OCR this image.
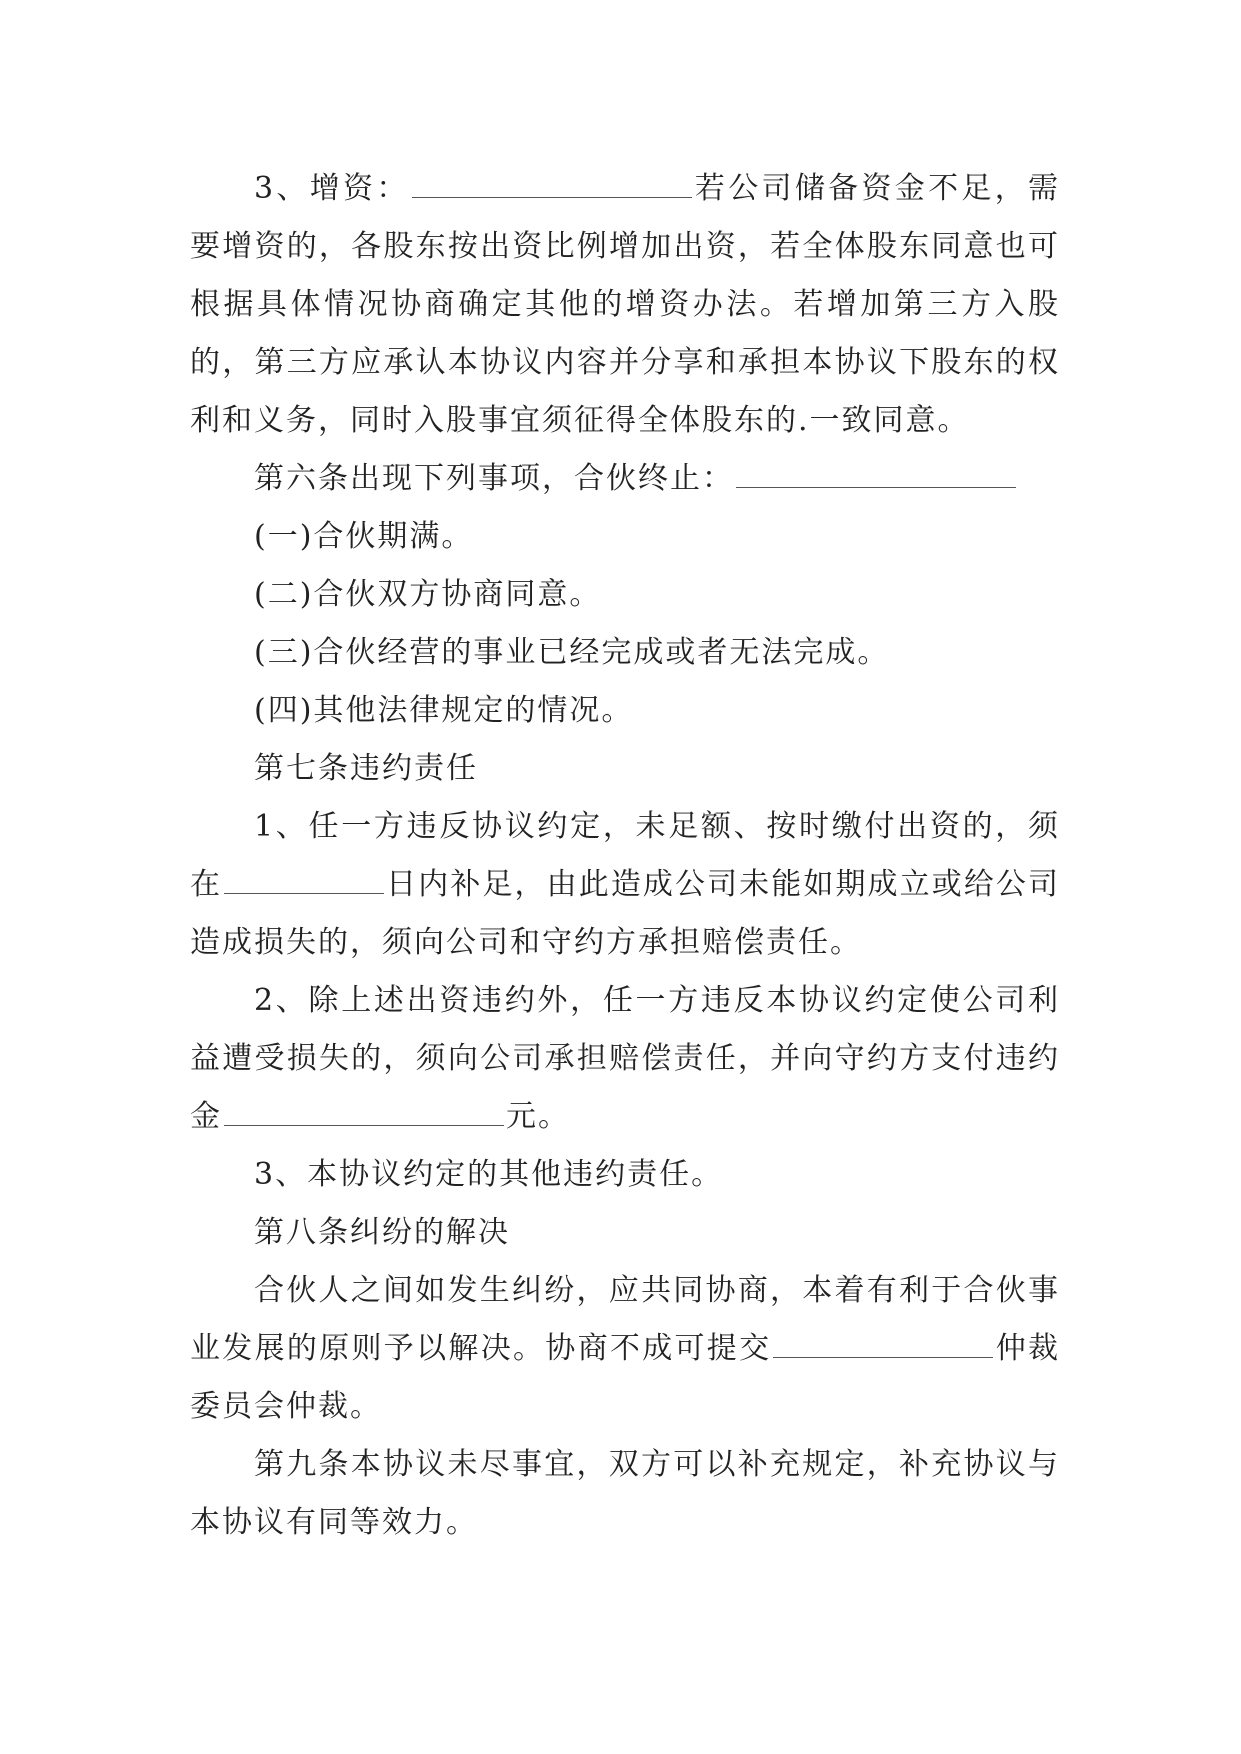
3、增资：	若公司储备资金不足，需要增资的，各股东按出资比例增加出资，若全体股东同意也可根据具体情况协商确定其他的增资办法。若增加第三方入股的，第三方应承认本协议内容并分享和承担本协议下股东的权利和义务，同时入股事宜须征得全体股东的.一致同意。

第六条出现下列事项，合伙终止：

(一)合伙期满。

(二)合伙双方协商同意。

(三)合伙经营的事业已经完成或者无法完成。

(四)其他法律规定的情况。

第七条违约责任

1、任一方违反协议约定，未足额、按时缴付出资的，须在	日内补足，由此造成公司未能如期成立或给公司造成损失的，须向公司和守约方承担赔偿责任。

2、除上述出资违约外，任一方违反本协议约定使公司利益遭受损失的，须向公司承担赔偿责任，并向守约方支付违约金	元。

3、本协议约定的其他违约责任。

第八条纠纷的解决

合伙人之间如发生纠纷，应共同协商，本着有利于合伙事业发展的原则予以解决。协商不成可提交	仲裁委员会仲裁。

第九条本协议未尽事宜，双方可以补充规定，补充协议与本协议有同等效力。
